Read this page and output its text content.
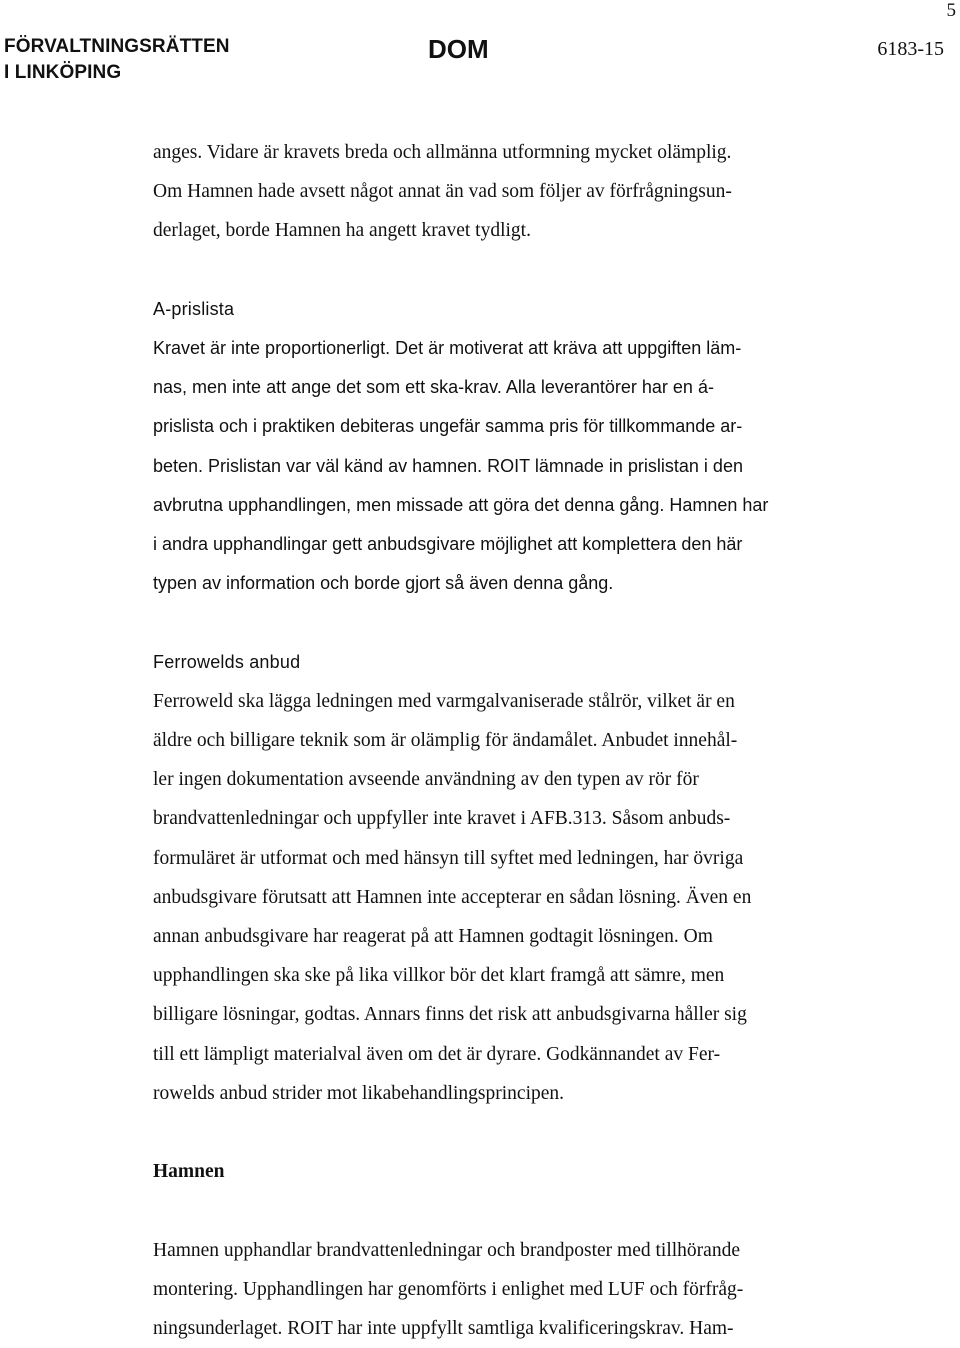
5
FÖRVALTNINGSRÄTTEN
I LINKÖPING
DOM	6183-15

anges. Vidare är kravets breda och allmänna utformning mycket olämplig.
Om Hamnen hade avsett något annat än vad som följer av förfrågningsun-
derlaget, borde Hamnen ha angett kravet tydligt.

A-prislista
Kravet är inte proportionerligt. Det är motiverat att kräva att uppgiften läm-
nas, men inte att ange det som ett ska-krav. Alla leverantörer har en á-
prislista och i praktiken debiteras ungefär samma pris för tillkommande ar-
beten. Prislistan var väl känd av hamnen. ROIT lämnade in prislistan i den
avbrutna upphandlingen, men missade att göra det denna gång. Hamnen har
i andra upphandlingar gett anbudsgivare möjlighet att komplettera den här
typen av information och borde gjort så även denna gång.

Ferrowelds anbud
Ferroweld ska lägga ledningen med varmgalvaniserade stålrör, vilket är en
äldre och billigare teknik som är olämplig för ändamålet. Anbudet innehål-
ler ingen dokumentation avseende användning av den typen av rör för
brandvattenledningar och uppfyller inte kravet i AFB.313. Såsom anbuds-
formuläret är utformat och med hänsyn till syftet med ledningen, har övriga
anbudsgivare förutsatt att Hamnen inte accepterar en sådan lösning. Även en
annan anbudsgivare har reagerat på att Hamnen godtagit lösningen. Om
upphandlingen ska ske på lika villkor bör det klart framgå att sämre, men
billigare lösningar, godtas. Annars finns det risk att anbudsgivarna håller sig
till ett lämpligt materialval även om det är dyrare. Godkännandet av Fer-
rowelds anbud strider mot likabehandlingsprincipen.

Hamnen

Hamnen upphandlar brandvattenledningar och brandposter med tillhörande
montering. Upphandlingen har genomförts i enlighet med LUF och förfråg-
ningsunderlaget. ROIT har inte uppfyllt samtliga kvalificeringskrav. Ham-
